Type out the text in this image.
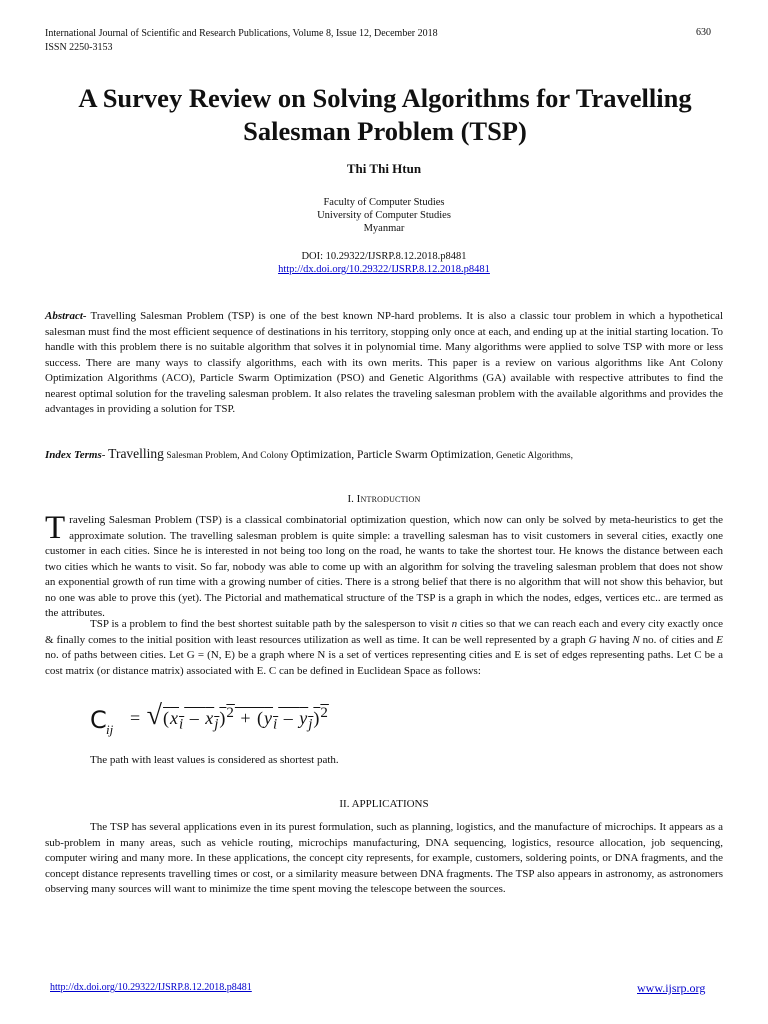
International Journal of Scientific and Research Publications, Volume 8, Issue 12, December 2018
ISSN 2250-3153
630
A Survey Review on Solving Algorithms for Travelling Salesman Problem (TSP)
Thi Thi Htun
Faculty of Computer Studies
University of Computer Studies
Myanmar
DOI: 10.29322/IJSRP.8.12.2018.p8481
http://dx.doi.org/10.29322/IJSRP.8.12.2018.p8481
Abstract- Travelling Salesman Problem (TSP) is one of the best known NP-hard problems. It is also a classic tour problem in which a hypothetical salesman must find the most efficient sequence of destinations in his territory, stopping only once at each, and ending up at the initial starting location. To handle with this problem there is no suitable algorithm that solves it in polynomial time. Many algorithms were applied to solve TSP with more or less success. There are many ways to classify algorithms, each with its own merits. This paper is a review on various algorithms like Ant Colony Optimization Algorithms (ACO), Particle Swarm Optimization (PSO) and Genetic Algorithms (GA) available with respective attributes to find the nearest optimal solution for the traveling salesman problem. It also relates the traveling salesman problem with the available algorithms and provides the advantages in providing a solution for TSP.
Index Terms- Travelling Salesman Problem, And Colony Optimization, Particle Swarm Optimization, Genetic Algorithms,
I. Introduction
Traveling Salesman Problem (TSP) is a classical combinatorial optimization question, which now can only be solved by meta-heuristics to get the approximate solution. The travelling salesman problem is quite simple: a travelling salesman has to visit customers in several cities, exactly one customer in each cities. Since he is interested in not being too long on the road, he wants to take the shortest tour. He knows the distance between each two cities which he wants to visit. So far, nobody was able to come up with an algorithm for solving the traveling salesman problem that does not show an exponential growth of run time with a growing number of cities. There is a strong belief that there is no algorithm that will not show this behavior, but no one was able to prove this (yet). The Pictorial and mathematical structure of the TSP is a graph in which the nodes, edges, vertices etc.. are termed as the attributes.
TSP is a problem to find the best shortest suitable path by the salesperson to visit n cities so that we can reach each and every city exactly once & finally comes to the initial position with least resources utilization as well as time. It can be well represented by a graph G having N no. of cities and E no. of paths between cities. Let G = (N, E) be a graph where N is a set of vertices representing cities and E is set of edges representing paths. Let C be a cost matrix (or distance matrix) associated with E. C can be defined in Euclidean Space as follows:
C ij
= $√(x_i - x_j)^2 + (y_i - y_j)^2$
The path with least values is considered as shortest path.
II. APPLICATIONS
The TSP has several applications even in its purest formulation, such as planning, logistics, and the manufacture of microchips. It appears as a sub-problem in many areas, such as vehicle routing, microchips manufacturing, DNA sequencing, logistics, resource allocation, job sequencing, computer wiring and many more. In these applications, the concept city represents, for example, customers, soldering points, or DNA fragments, and the concept distance represents travelling times or cost, or a similarity measure between DNA fragments. The TSP also appears in astronomy, as astronomers observing many sources will want to minimize the time spent moving the telescope between the sources.
http://dx.doi.org/10.29322/IJSRP.8.12.2018.p8481	www.ijsrp.org
